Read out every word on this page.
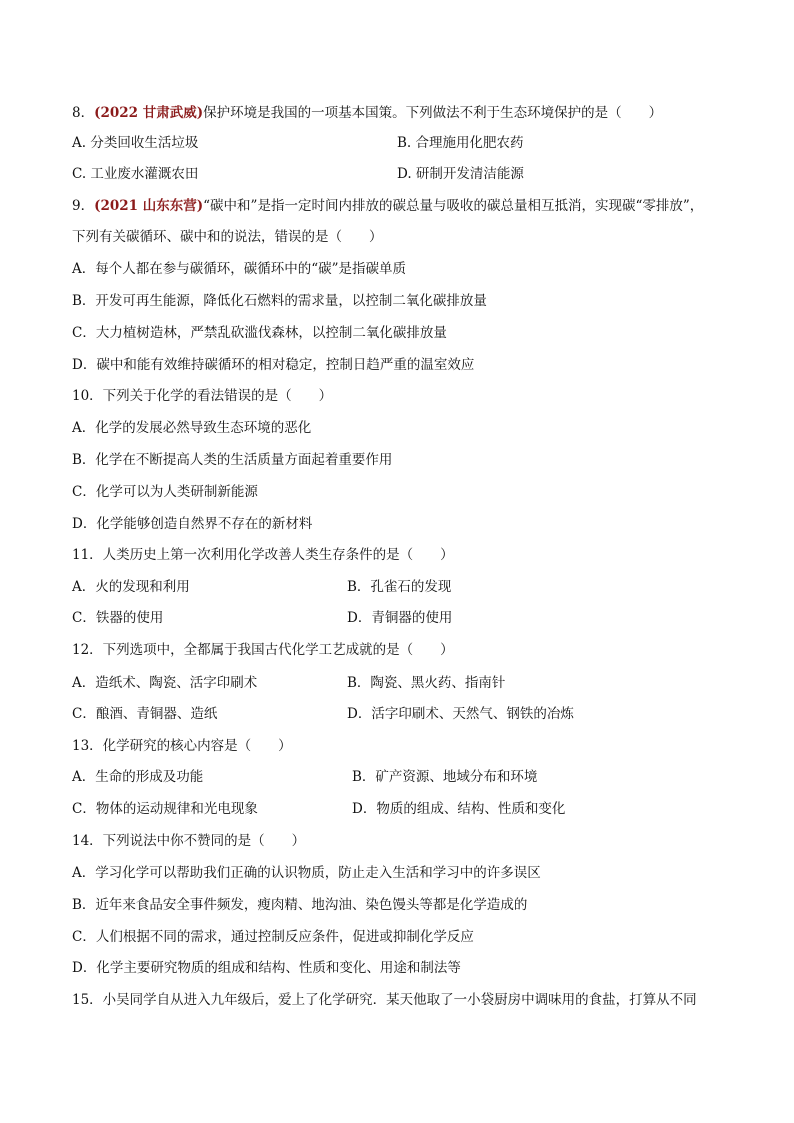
8．(2022 甘肃武威)保护环境是我国的一项基本国策。下列做法不利于生态环境保护的是（　　）
A. 分类回收生活垃圾	B. 合理施用化肥农药
C. 工业废水灌溉农田	D. 研制开发清洁能源
9．(2021 山东东营)“碳中和”是指一定时间内排放的碳总量与吸收的碳总量相互抵消，实现碳“零排放”，
下列有关碳循环、碳中和的说法，错误的是（　　）
A．每个人都在参与碳循环，碳循环中的“碳”是指碳单质
B．开发可再生能源，降低化石燃料的需求量，以控制二氧化碳排放量
C．大力植树造林，严禁乱砍滥伐森林，以控制二氧化碳排放量
D．碳中和能有效维持碳循环的相对稳定，控制日趋严重的温室效应
10．下列关于化学的看法错误的是（　　）
A．化学的发展必然导致生态环境的恶化
B．化学在不断提高人类的生活质量方面起着重要作用
C．化学可以为人类研制新能源
D．化学能够创造自然界不存在的新材料
11．人类历史上第一次利用化学改善人类生存条件的是（　　）
A．火的发现和利用	B．孔雀石的发现
C．铁器的使用	D．青铜器的使用
12．下列选项中，全都属于我国古代化学工艺成就的是（　　）
A．造纸术、陶瓷、活字印刷术	B．陶瓷、黑火药、指南针
C．酿酒、青铜器、造纸	D．活字印刷术、天然气、钢铁的冶炼
13．化学研究的核心内容是（　　）
A．生命的形成及功能	B．矿产资源、地域分布和环境
C．物体的运动规律和光电现象	D．物质的组成、结构、性质和变化
14．下列说法中你不赞同的是（　　）
A．学习化学可以帮助我们正确的认识物质，防止走入生活和学习中的许多误区
B．近年来食品安全事件频发，瘦肉精、地沟油、染色馒头等都是化学造成的
C．人们根据不同的需求，通过控制反应条件，促进或抑制化学反应
D．化学主要研究物质的组成和结构、性质和变化、用途和制法等
15．小吴同学自从进入九年级后，爱上了化学研究．某天他取了一小袋厨房中调味用的食盐，打算从不同
